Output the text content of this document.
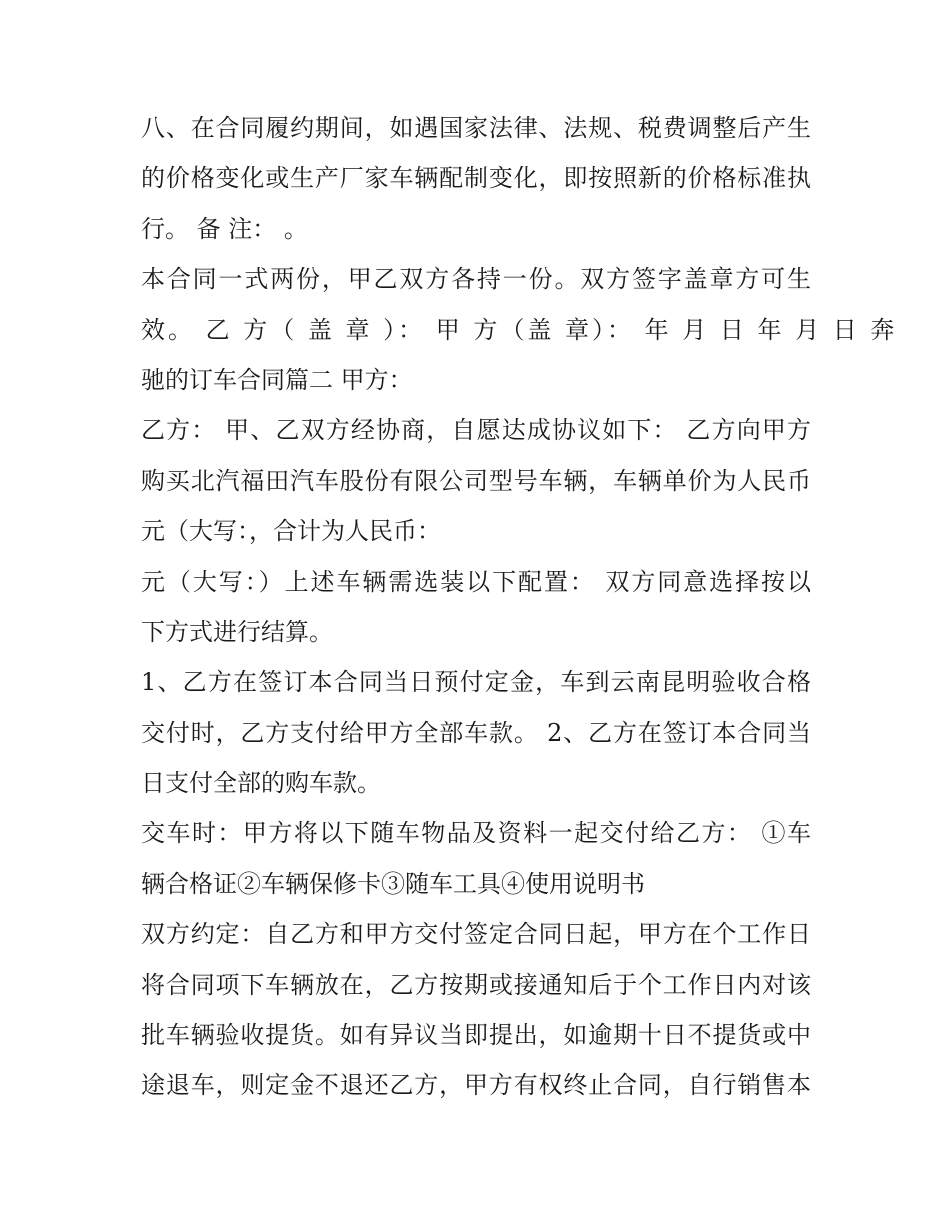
八、在合同履约期间，如遇国家法律、法规、税费调整后产生
的价格变化或生产厂家车辆配制变化，即按照新的价格标准执
行。 备 注： 。
本合同一式两份，甲乙双方各持一份。双方签字盖章方可生
效。 乙 方（ 盖 章 ）： 甲 方（盖 章）： 年 月 日 年 月 日 奔
驰的订车合同篇二 甲方：
乙方： 甲、乙双方经协商，自愿达成协议如下： 乙方向甲方
购买北汽福田汽车股份有限公司型号车辆，车辆单价为人民币
元（大写：，合计为人民币：
元（大写：）上述车辆需选装以下配置： 双方同意选择按以
下方式进行结算。
1、乙方在签订本合同当日预付定金，车到云南昆明验收合格
交付时，乙方支付给甲方全部车款。 2、乙方在签订本合同当
日支付全部的购车款。
交车时：甲方将以下随车物品及资料一起交付给乙方： ①车
辆合格证②车辆保修卡③随车工具④使用说明书
双方约定：自乙方和甲方交付签定合同日起，甲方在个工作日
将合同项下车辆放在，乙方按期或接通知后于个工作日内对该
批车辆验收提货。如有异议当即提出，如逾期十日不提货或中
途退车，则定金不退还乙方，甲方有权终止合同，自行销售本
